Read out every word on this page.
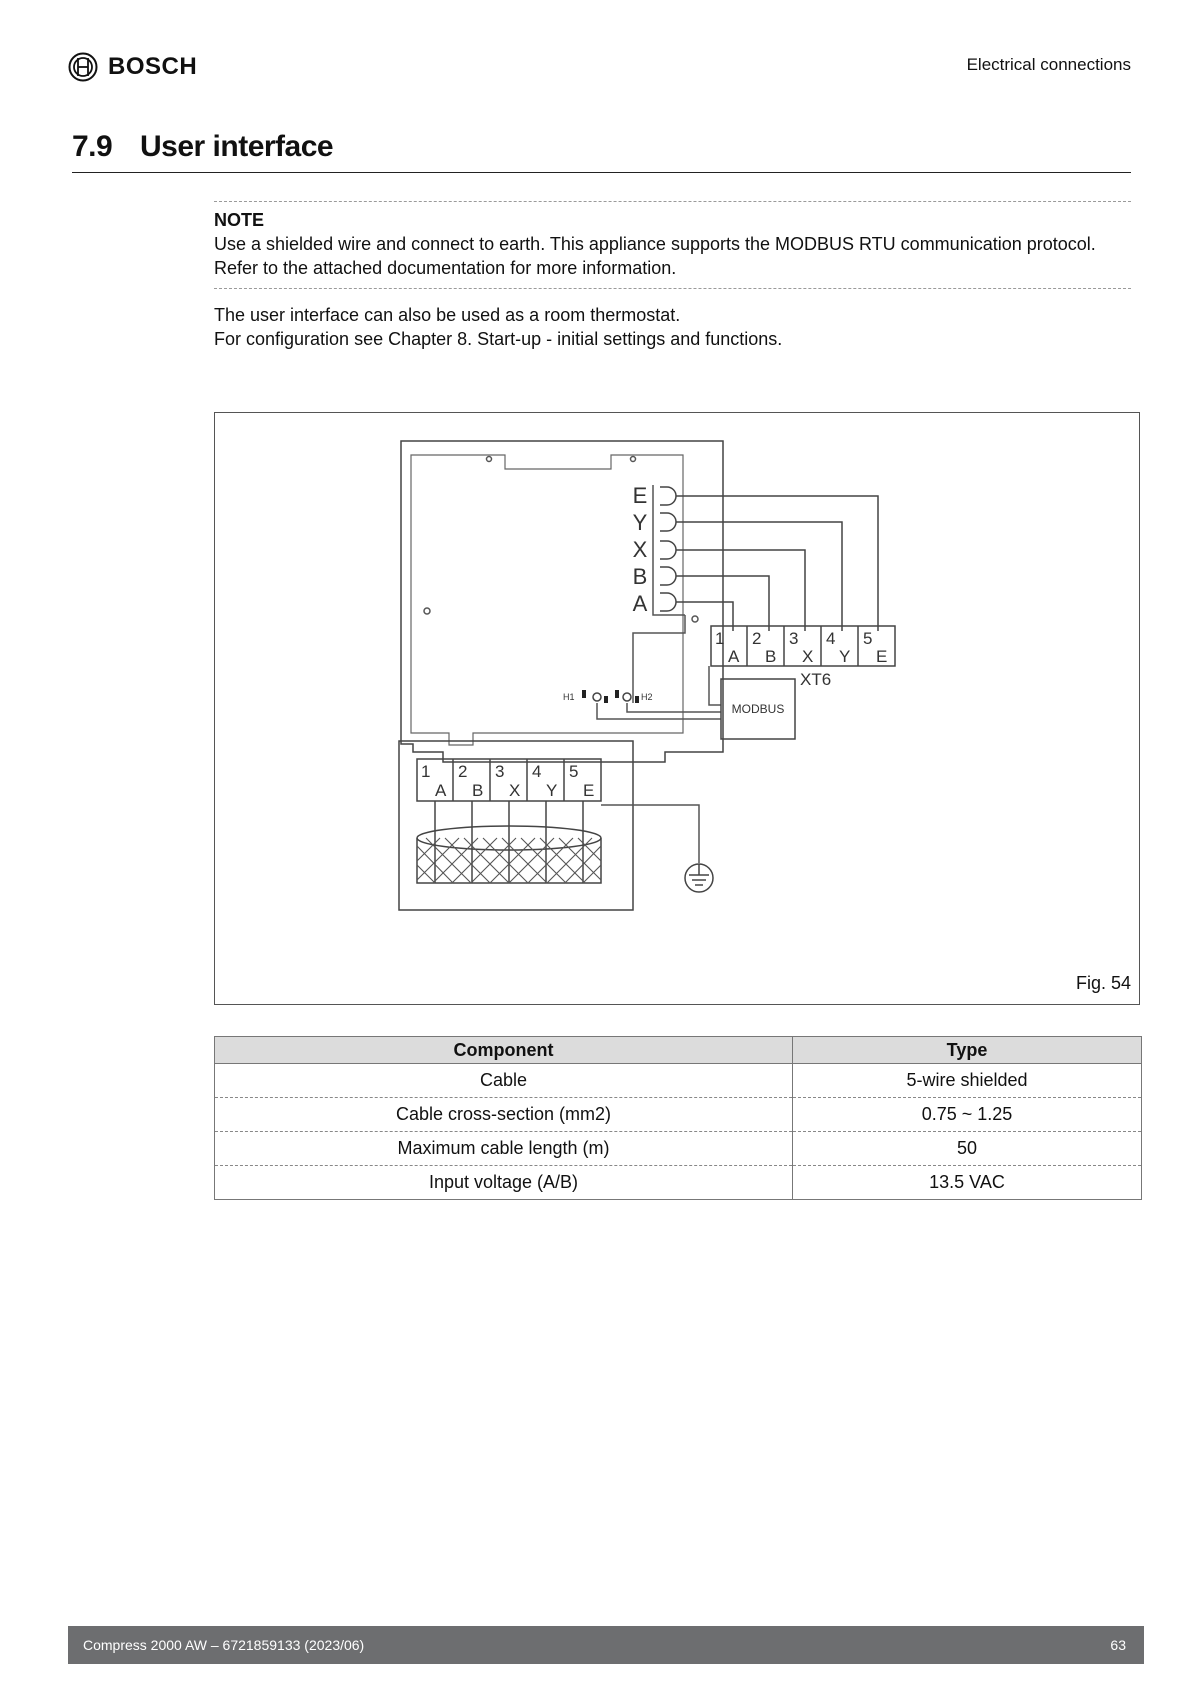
BOSCH	Electrical connections
7.9 User interface
NOTE
Use a shielded wire and connect to earth. This appliance supports the MODBUS RTU communication protocol. Refer to the attached documentation for more information.
The user interface can also be used as a room thermostat.
For configuration see Chapter 8. Start-up - initial settings and functions.
E
Y
X
B
A
1 2 3 4 5
A B X Y E
XT6
H1	H2
MODBUS
1 2 3 4 5
A B X Y E
Fig. 54
Component	Type
Cable	5-wire shielded
Cable cross-section (mm2)	0.75 ~ 1.25
Maximum cable length (m)	50
Input voltage (A/B)	13.5 VAC
Compress 2000 AW – 6721859133 (2023/06)	63
